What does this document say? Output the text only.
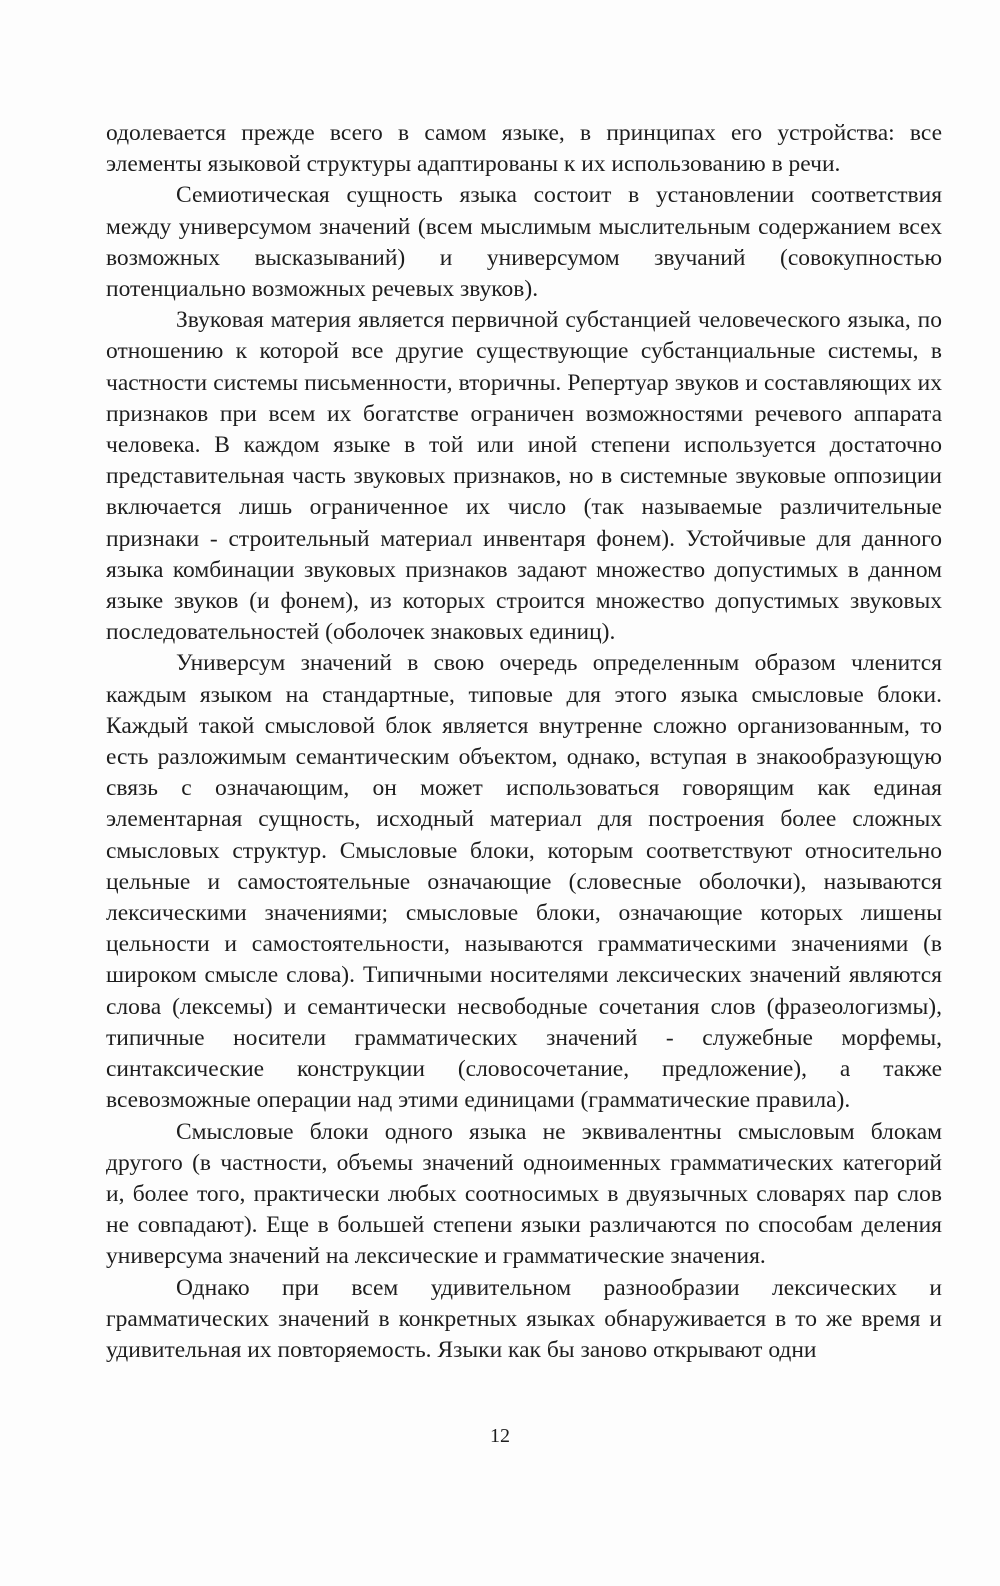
одолевается прежде всего в самом языке, в принципах его устройства: все элементы языковой структуры адаптированы к их использованию в речи.

Семиотическая сущность языка состоит в установлении соответствия между универсумом значений (всем мыслимым мыслительным содержанием всех возможных высказываний) и универсумом звучаний (совокупностью потенциально возможных речевых звуков).

Звуковая материя является первичной субстанцией человеческого языка, по отношению к которой все другие существующие субстанциальные системы, в частности системы письменности, вторичны. Репертуар звуков и составляющих их признаков при всем их богатстве ограничен возможностями речевого аппарата человека. В каждом языке в той или иной степени используется достаточно представительная часть звуковых признаков, но в системные звуковые оппозиции включается лишь ограниченное их число (так называемые различительные признаки - строительный материал инвентаря фонем). Устойчивые для данного языка комбинации звуковых признаков задают множество допустимых в данном языке звуков (и фонем), из которых строится множество допустимых звуковых последовательностей (оболочек знаковых единиц).

Универсум значений в свою очередь определенным образом членится каждым языком на стандартные, типовые для этого языка смысловые блоки. Каждый такой смысловой блок является внутренне сложно организованным, то есть разложимым семантическим объектом, однако, вступая в знакообразующую связь с означающим, он может использоваться говорящим как единая элементарная сущность, исходный материал для построения более сложных смысловых структур. Смысловые блоки, которым соответствуют относительно цельные и самостоятельные означающие (словесные оболочки), называются лексическими значениями; смысловые блоки, означающие которых лишены цельности и самостоятельности, называются грамматическими значениями (в широком смысле слова). Типичными носителями лексических значений являются слова (лексемы) и семантически несвободные сочетания слов (фразеологизмы), типичные носители грамматических значений - служебные морфемы, синтаксические конструкции (словосочетание, предложение), а также всевозможные операции над этими единицами (грамматические правила).

Смысловые блоки одного языка не эквивалентны смысловым блокам другого (в частности, объемы значений одноименных грамматических категорий и, более того, практически любых соотносимых в двуязычных словарях пар слов не совпадают). Еще в большей степени языки различаются по способам деления универсума значений на лексические и грамматические значения.

Однако при всем удивительном разнообразии лексических и грамматических значений в конкретных языках обнаруживается в то же время и удивительная их повторяемость. Языки как бы заново открывают одни

12
